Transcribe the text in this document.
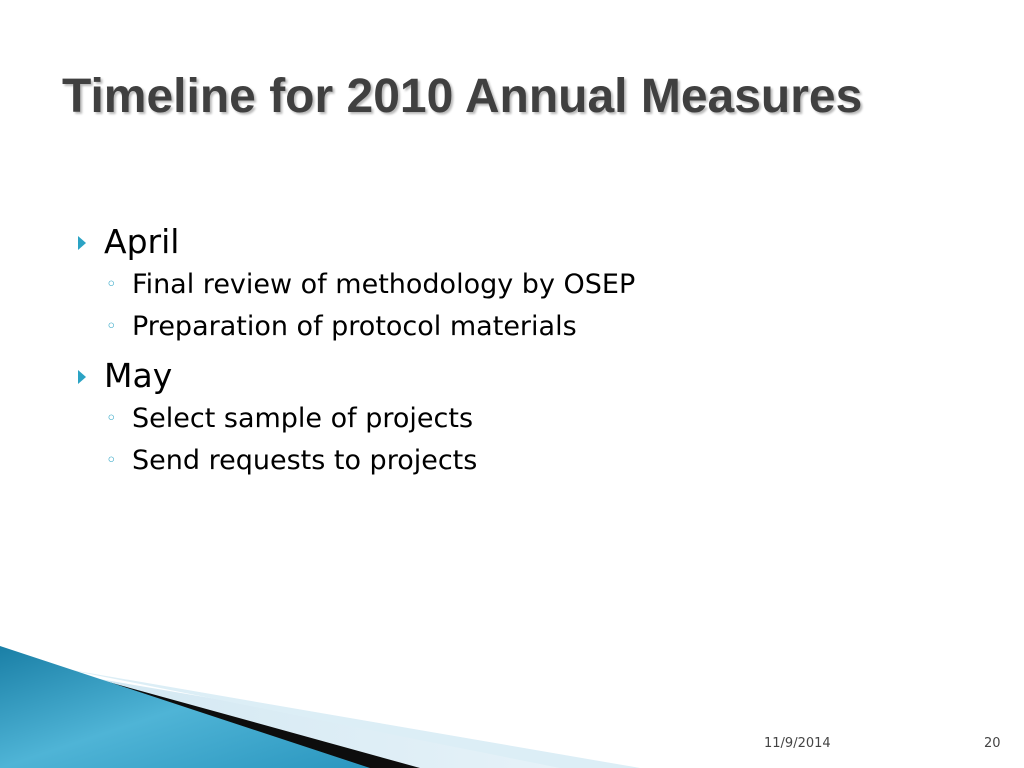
Timeline for 2010 Annual Measures
April
◦ Final review of methodology by OSEP
◦ Preparation of protocol materials
May
◦ Select sample of projects
◦ Send requests to projects
11/9/2014	20
